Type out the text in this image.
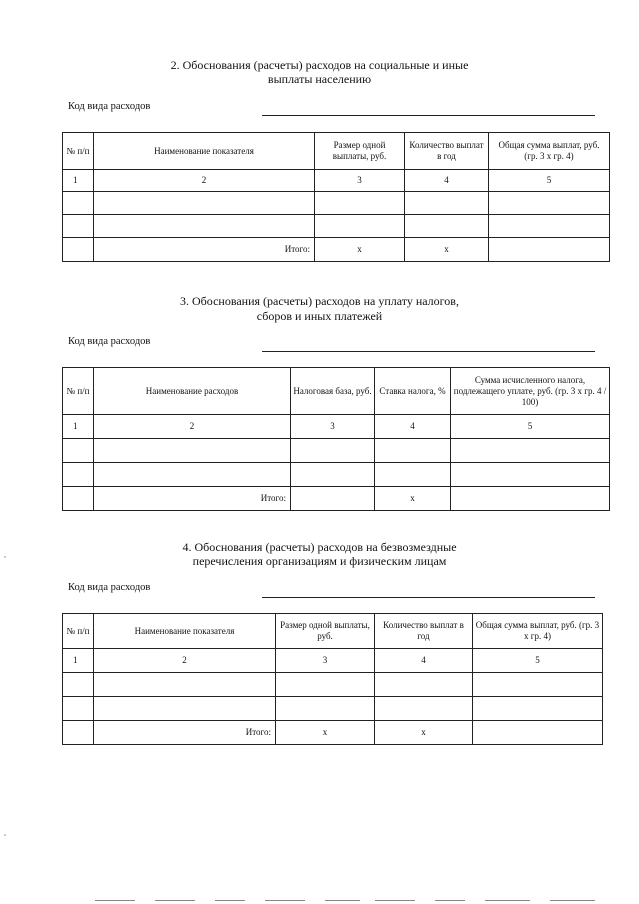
2. Обоснования (расчеты) расходов на социальные и иные

выплаты населению

Код вида расходов
№ п/п	Наименование показателя	Размер одной выплаты, руб.	Количество выплат в год	Общая сумма выплат, руб. (гр. 3 х гр. 4)
1	2	3	4	5

	Итого:	x	x	

3. Обоснования (расчеты) расходов на уплату налогов,

сборов и иных платежей

Код вида расходов
№ п/п	Наименование расходов	Налоговая база, руб.	Ставка налога, %	Сумма исчисленного налога, подлежащего уплате, руб. (гр. 3 х гр. 4 / 100)
1	2	3	4	5

	Итого:		x	

4. Обоснования (расчеты) расходов на безвозмездные

перечисления организациям и физическим лицам

Код вида расходов
№ п/п	Наименование показателя	Размер одной выплаты, руб.	Количество выплат в год	Общая сумма выплат, руб. (гр. 3 х гр. 4)
1	2	3	4	5

	Итого:	x	x	
